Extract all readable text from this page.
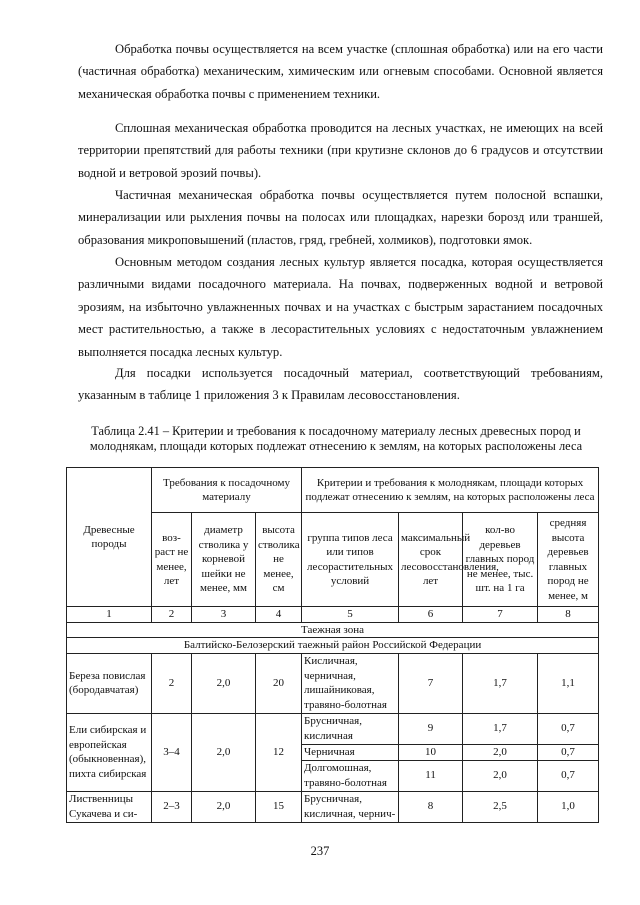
Обработка почвы осуществляется на всем участке (сплошная обработка) или на его части (частичная обработка) механическим, химическим или огневым способами. Основной является механическая обработка почвы с применением техники.

Сплошная механическая обработка проводится на лесных участках, не имеющих на всей территории препятствий для работы техники (при крутизне склонов до 6 градусов и отсутствии водной и ветровой эрозий почвы).

Частичная механическая обработка почвы осуществляется путем полосной вспашки, минерализации или рыхления почвы на полосах или площадках, нарезки борозд или траншей, образования микроповышений (пластов, гряд, гребней, холмиков), подготовки ямок.

Основным методом создания лесных культур является посадка, которая осуществляется различными видами посадочного материала. На почвах, подверженных водной и ветровой эрозиям, на избыточно увлажненных почвах и на участках с быстрым зарастанием посадочных мест растительностью, а также в лесорастительных условиях с недостаточным увлажнением выполняется посадка лесных культур.

Для посадки используется посадочный материал, соответствующий требованиям, указанным в таблице 1 приложения 3 к Правилам лесовосстановления.

Таблица 2.41 – Критерии и требования к посадочному материалу лесных древесных пород и молоднякам, площади которых подлежат отнесению к землям, на которых расположены леса

Древесные породы	Требования к посадочному материалу			Критерии и требования к молоднякам, площади которых подлежат отнесению к землям, на которых расположены леса			
	воз-раст не менее, лет	диаметр стволика у корневой шейки не менее, мм	высота стволика не менее, см	группа типов леса или типов лесорастительных условий	максимальный срок лесовосстановления, лет	кол-во деревьев главных пород не менее, тыс. шт. на 1 га	средняя высота деревьев главных пород не менее, м
1	2	3	4	5	6	7	8
Таежная зона							
Балтийско-Белозерский таежный район Российской Федерации							
Береза повислая (бородавчатая)	2	2,0	20	Кисличная, черничная, лишайниковая, травяно-болотная	7	1,7	1,1
Ели сибирская и европейская (обыкновенная), пихта сибирская	3–4	2,0	12	Брусничная, кисличная	9	1,7	0,7
				Черничная	10	2,0	0,7
				Долгомошная, травяно-болотная	11	2,0	0,7
Лиственницы Сукачева и си-	2–3	2,0	15	Брусничная, кисличная, чернич-	8	2,5	1,0
237
